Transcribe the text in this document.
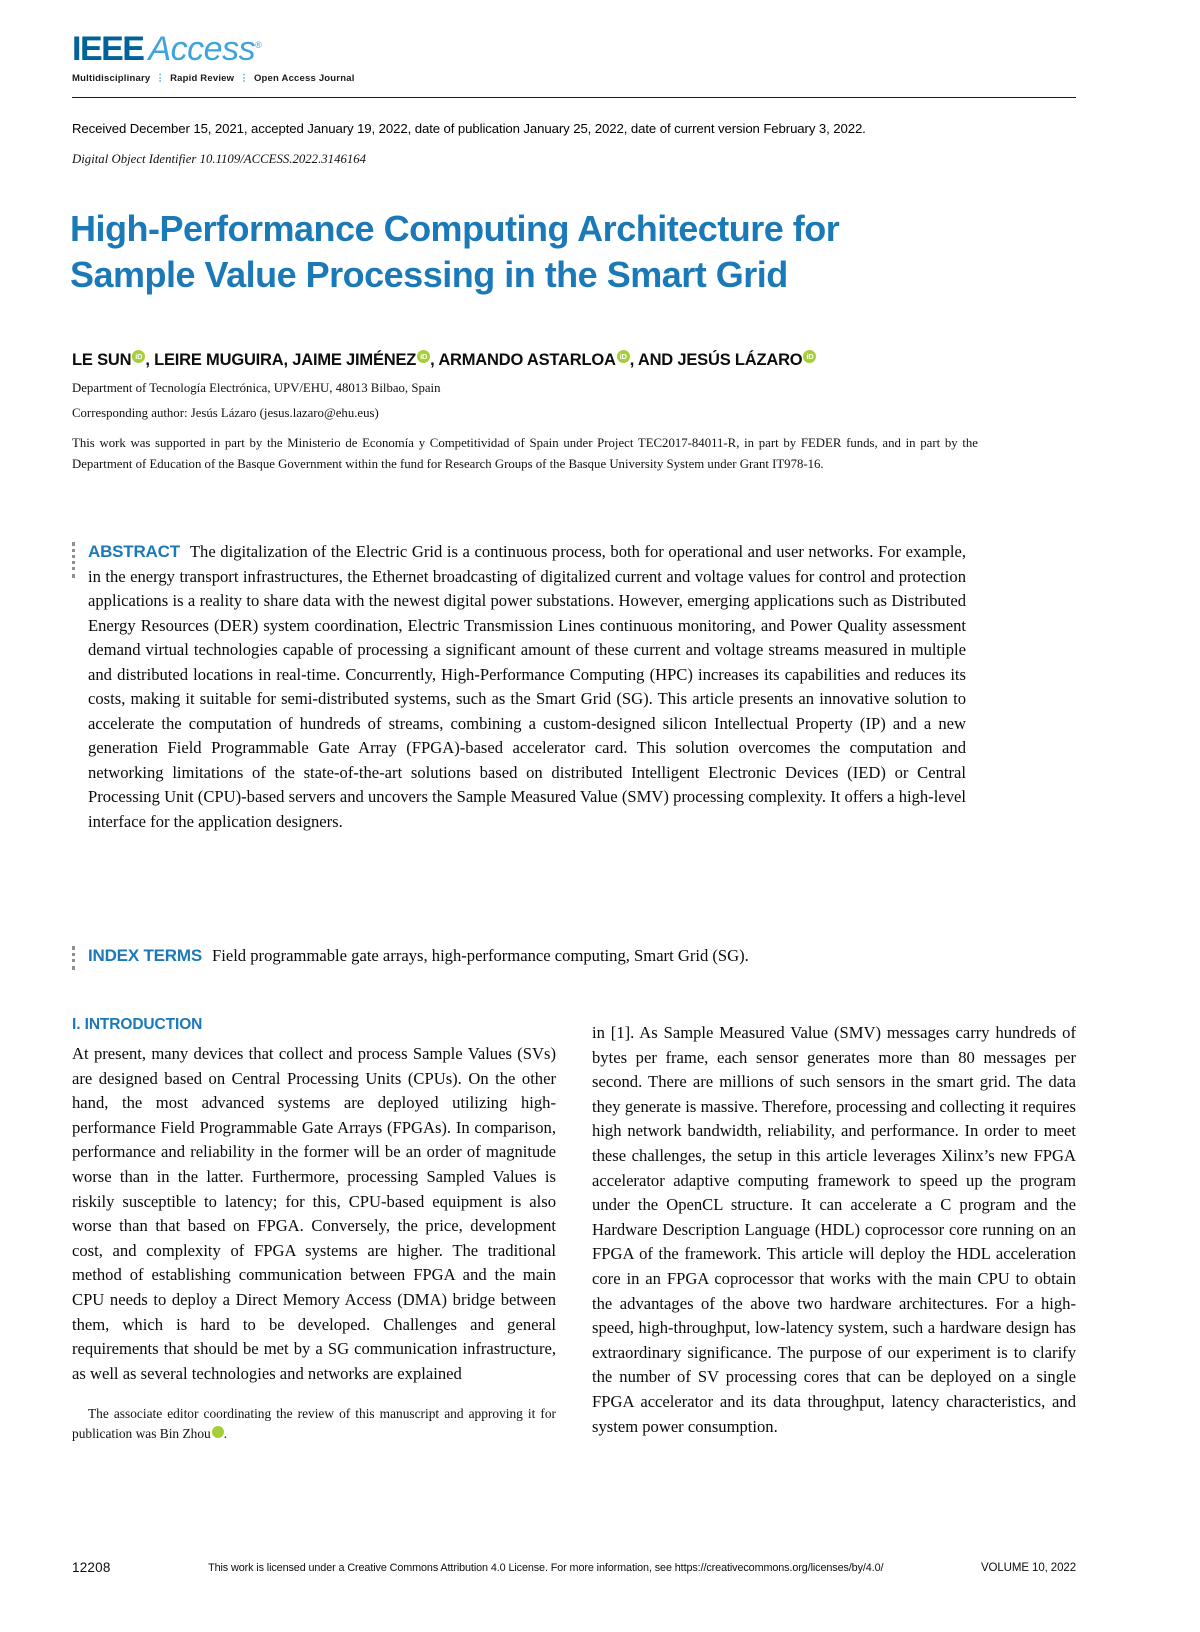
IEEE Access®
Multidisciplinary ⋮ Rapid Review ⋮ Open Access Journal
Received December 15, 2021, accepted January 19, 2022, date of publication January 25, 2022, date of current version February 3, 2022.
Digital Object Identifier 10.1109/ACCESS.2022.3146164
High-Performance Computing Architecture for
Sample Value Processing in the Smart Grid
LE SUN iD , LEIRE MUGUIRA, JAIME JIMÉNEZ iD , ARMANDO ASTARLOA iD , AND JESÚS LÁZARO iD
Department of Tecnología Electrónica, UPV/EHU, 48013 Bilbao, Spain
Corresponding author: Jesús Lázaro (jesus.lazaro@ehu.eus)
This work was supported in part by the Ministerio de Economía y Competitividad of Spain under Project TEC2017-84011-R, in part by FEDER funds, and in part by the Department of Education of the Basque Government within the fund for Research Groups of the Basque University System under Grant IT978-16.
ABSTRACT The digitalization of the Electric Grid is a continuous process, both for operational and user networks. For example, in the energy transport infrastructures, the Ethernet broadcasting of digitalized current and voltage values for control and protection applications is a reality to share data with the newest digital power substations. However, emerging applications such as Distributed Energy Resources (DER) system coordination, Electric Transmission Lines continuous monitoring, and Power Quality assessment demand virtual technologies capable of processing a significant amount of these current and voltage streams measured in multiple and distributed locations in real-time. Concurrently, High-Performance Computing (HPC) increases its capabilities and reduces its costs, making it suitable for semi-distributed systems, such as the Smart Grid (SG). This article presents an innovative solution to accelerate the computation of hundreds of streams, combining a custom-designed silicon Intellectual Property (IP) and a new generation Field Programmable Gate Array (FPGA)-based accelerator card. This solution overcomes the computation and networking limitations of the state-of-the-art solutions based on distributed Intelligent Electronic Devices (IED) or Central Processing Unit (CPU)-based servers and uncovers the Sample Measured Value (SMV) processing complexity. It offers a high-level interface for the application designers.
INDEX TERMS Field programmable gate arrays, high-performance computing, Smart Grid (SG).
I. INTRODUCTION

At present, many devices that collect and process Sample Values (SVs) are designed based on Central Processing Units (CPUs). On the other hand, the most advanced systems are deployed utilizing high-performance Field Programmable Gate Arrays (FPGAs). In comparison, performance and reliability in the former will be an order of magnitude worse than in the latter. Furthermore, processing Sampled Values is riskily susceptible to latency; for this, CPU-based equipment is also worse than that based on FPGA. Conversely, the price, development cost, and complexity of FPGA systems are higher. The traditional method of establishing communication between FPGA and the main CPU needs to deploy a Direct Memory Access (DMA) bridge between them, which is hard to be developed. Challenges and general requirements that should be met by a SG communication infrastructure, as well as several technologies and networks are explained

The associate editor coordinating the review of this manuscript and approving it for publication was Bin Zhou iD.

in [1]. As Sample Measured Value (SMV) messages carry hundreds of bytes per frame, each sensor generates more than 80 messages per second. There are millions of such sensors in the smart grid. The data they generate is massive. Therefore, processing and collecting it requires high network bandwidth, reliability, and performance. In order to meet these challenges, the setup in this article leverages Xilinx’s new FPGA accelerator adaptive computing framework to speed up the program under the OpenCL structure. It can accelerate a C program and the Hardware Description Language (HDL) coprocessor core running on an FPGA of the framework. This article will deploy the HDL acceleration core in an FPGA coprocessor that works with the main CPU to obtain the advantages of the above two hardware architectures. For a high-speed, high-throughput, low-latency system, such a hardware design has extraordinary significance. The purpose of our experiment is to clarify the number of SV processing cores that can be deployed on a single FPGA accelerator and its data throughput, latency characteristics, and system power consumption.

12208	This work is licensed under a Creative Commons Attribution 4.0 License. For more information, see https://creativecommons.org/licenses/by/4.0/	VOLUME 10, 2022
